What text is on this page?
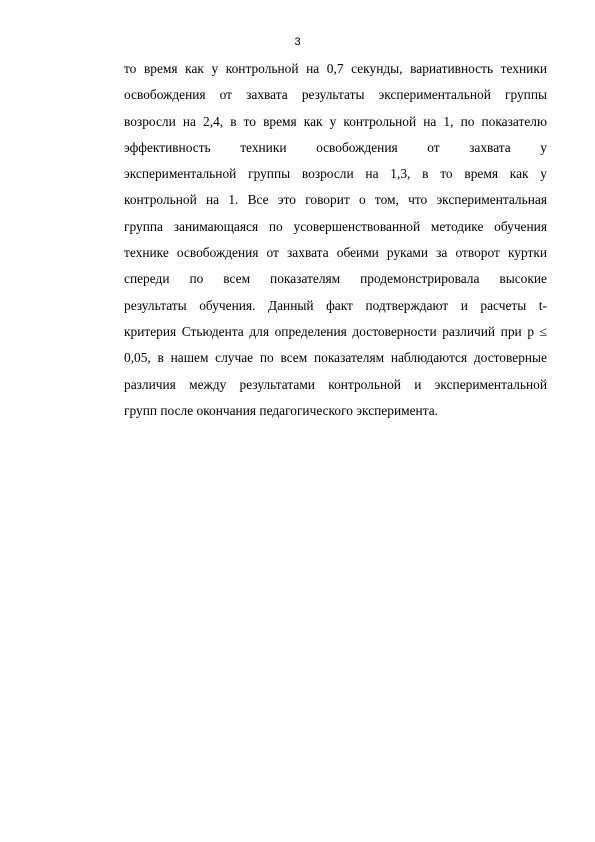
3
то время как у контрольной на 0,7 секунды, вариативность техники
освобождения от захвата результаты экспериментальной группы
возросли на 2,4, в то время как у контрольной на 1, по показателю
эффективность техники освобождения от захвата у
экспериментальной группы возросли на 1,3, в то время как у
контрольной на 1. Все это говорит о том, что экспериментальная
группа занимающаяся по усовершенствованной методике обучения
технике освобождения от захвата обеими руками за отворот куртки
спереди по всем показателям продемонстрировала высокие
результаты обучения. Данный факт подтверждают и расчеты t-
критерия Стьюдента для определения достоверности различий при р ≤
0,05, в нашем случае по всем показателям наблюдаются достоверные
различия между результатами контрольной и экспериментальной
групп после окончания педагогического эксперимента.
